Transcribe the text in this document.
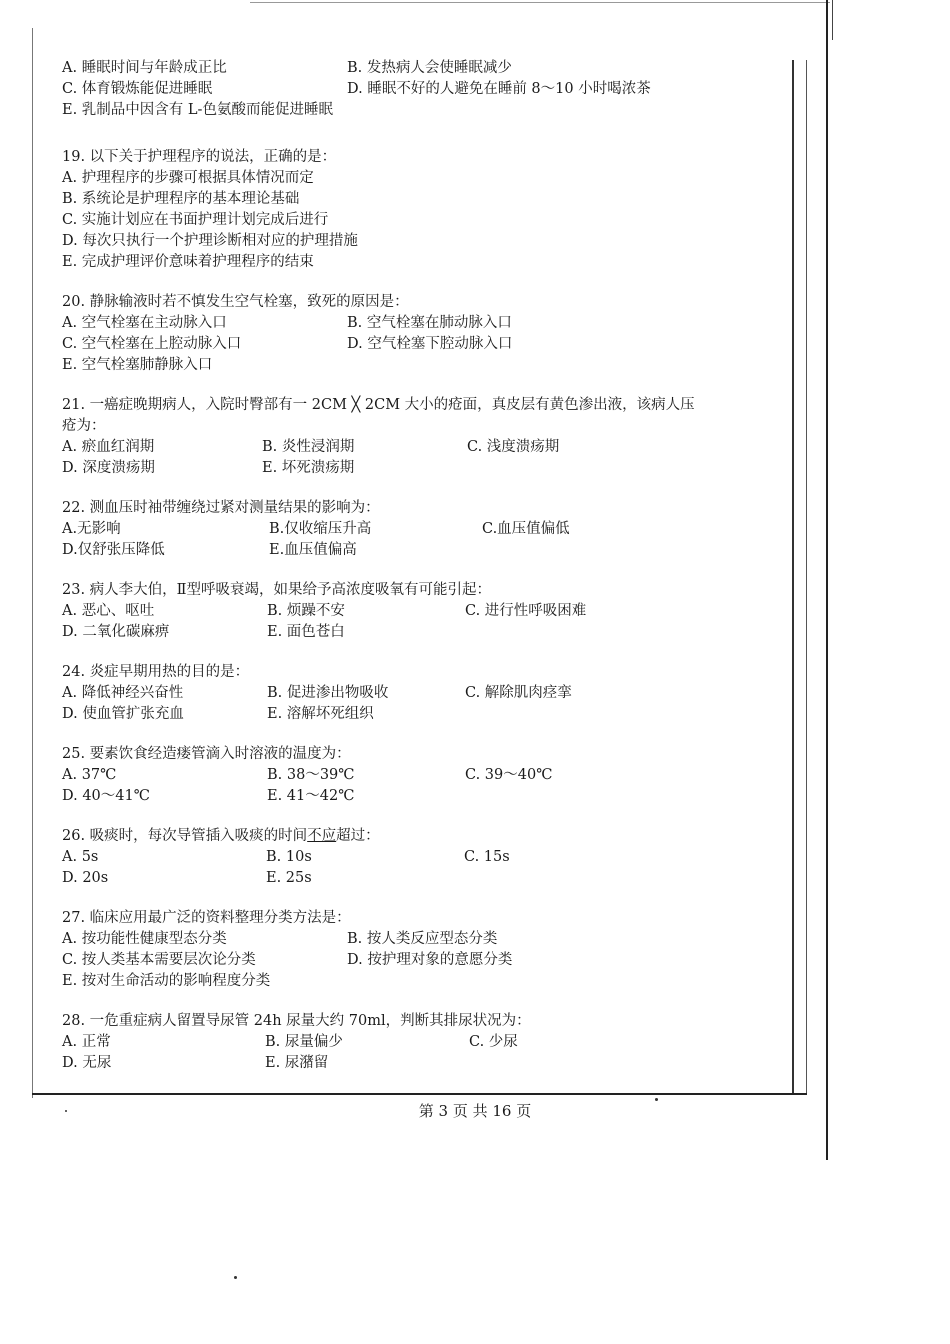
A. 睡眠时间与年龄成正比	B. 发热病人会使睡眠减少
C. 体育锻炼能促进睡眠	D. 睡眠不好的人避免在睡前 8～10 小时喝浓茶
E. 乳制品中因含有 L-色氨酸而能促进睡眠
19. 以下关于护理程序的说法，正确的是：
A. 护理程序的步骤可根据具体情况而定
B. 系统论是护理程序的基本理论基础
C. 实施计划应在书面护理计划完成后进行
D. 每次只执行一个护理诊断相对应的护理措施
E. 完成护理评价意味着护理程序的结束
20. 静脉输液时若不慎发生空气栓塞，致死的原因是：
A. 空气栓塞在主动脉入口	B. 空气栓塞在肺动脉入口
C. 空气栓塞在上腔动脉入口	D. 空气栓塞下腔动脉入口
E. 空气栓塞肺静脉入口
21. 一癌症晚期病人，入院时臀部有一 2CM ╳ 2CM 大小的疮面，真皮层有黄色渗出液，该病人压
疮为：
A. 瘀血红润期	B. 炎性浸润期	C. 浅度溃疡期
D. 深度溃疡期	E. 坏死溃疡期
22. 测血压时袖带缠绕过紧对测量结果的影响为：
A.无影响	B.仅收缩压升高	C.血压值偏低
D.仅舒张压降低	E.血压值偏高
23. 病人李大伯，Ⅱ型呼吸衰竭，如果给予高浓度吸氧有可能引起：
A. 恶心、呕吐	B. 烦躁不安	C. 进行性呼吸困难
D. 二氧化碳麻痹	E. 面色苍白
24. 炎症早期用热的目的是：
A. 降低神经兴奋性	B. 促进渗出物吸收	C. 解除肌肉痉挛
D. 使血管扩张充血	E. 溶解坏死组织
25. 要素饮食经造瘘管滴入时溶液的温度为：
A. 37℃	B. 38～39℃	C. 39～40℃
D. 40～41℃	E. 41～42℃
26. 吸痰时，每次导管插入吸痰的时间不应超过：
A. 5s	B. 10s	C. 15s
D. 20s	E. 25s
27. 临床应用最广泛的资料整理分类方法是：
A. 按功能性健康型态分类	B. 按人类反应型态分类
C. 按人类基本需要层次论分类	D. 按护理对象的意愿分类
E. 按对生命活动的影响程度分类
28. 一危重症病人留置导尿管 24h 尿量大约 70ml，判断其排尿状况为：
A. 正常	B. 尿量偏少	C. 少尿
D. 无尿	E. 尿潴留
第 3 页 共 16 页
